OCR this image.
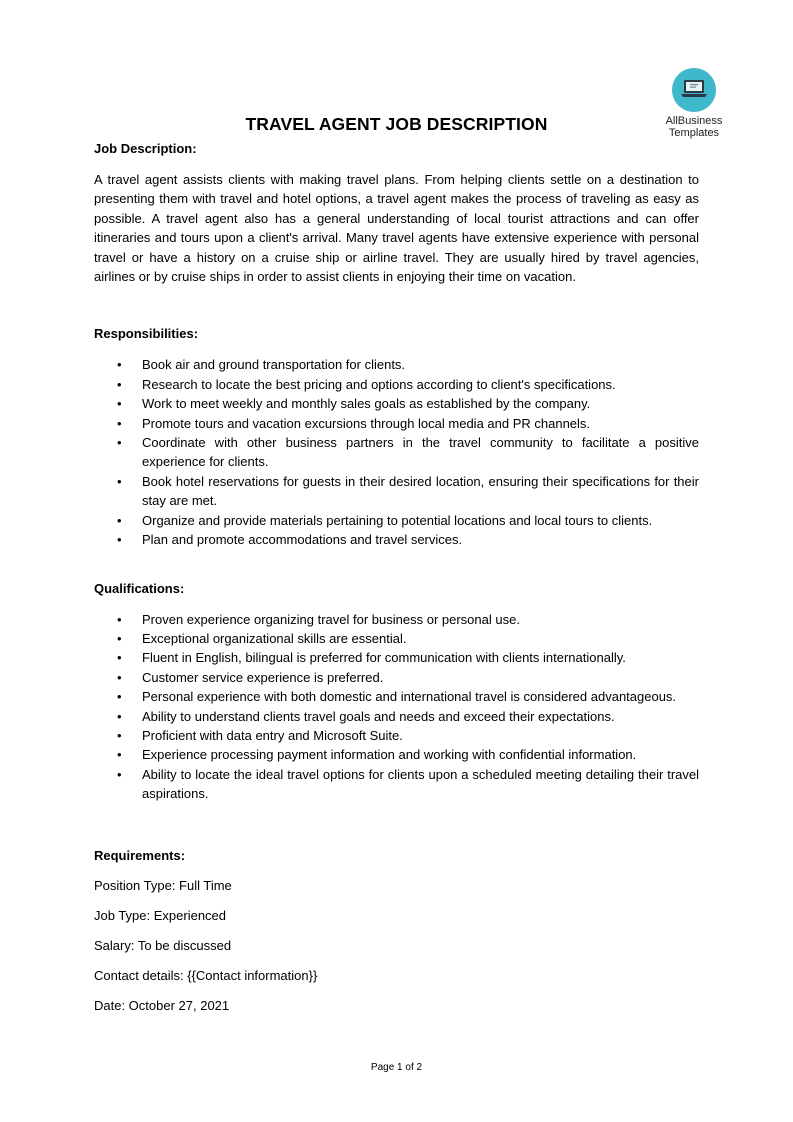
AllBusiness
Templates
TRAVEL AGENT JOB DESCRIPTION
Job Description:

A travel agent assists clients with making travel plans. From helping clients settle on a destination to presenting them with travel and hotel options, a travel agent makes the process of traveling as easy as possible. A travel agent also has a general understanding of local tourist attractions and can offer itineraries and tours upon a client's arrival. Many travel agents have extensive experience with personal travel or have a history on a cruise ship or airline travel. They are usually hired by travel agencies, airlines or by cruise ships in order to assist clients in enjoying their time on vacation.

Responsibilities:
• Book air and ground transportation for clients.
• Research to locate the best pricing and options according to client's specifications.
• Work to meet weekly and monthly sales goals as established by the company.
• Promote tours and vacation excursions through local media and PR channels.
• Coordinate with other business partners in the travel community to facilitate a positive experience for clients.
• Book hotel reservations for guests in their desired location, ensuring their specifications for their stay are met.
• Organize and provide materials pertaining to potential locations and local tours to clients.
• Plan and promote accommodations and travel services.
Qualifications:
• Proven experience organizing travel for business or personal use.
• Exceptional organizational skills are essential.
• Fluent in English, bilingual is preferred for communication with clients internationally.
• Customer service experience is preferred.
• Personal experience with both domestic and international travel is considered advantageous.
• Ability to understand clients travel goals and needs and exceed their expectations.
• Proficient with data entry and Microsoft Suite.
• Experience processing payment information and working with confidential information.
• Ability to locate the ideal travel options for clients upon a scheduled meeting detailing their travel aspirations.
Requirements:
Position Type: Full Time
Job Type: Experienced
Salary: To be discussed
Contact details: {{Contact information}}
Date: October 27, 2021
Page 1 of 2
